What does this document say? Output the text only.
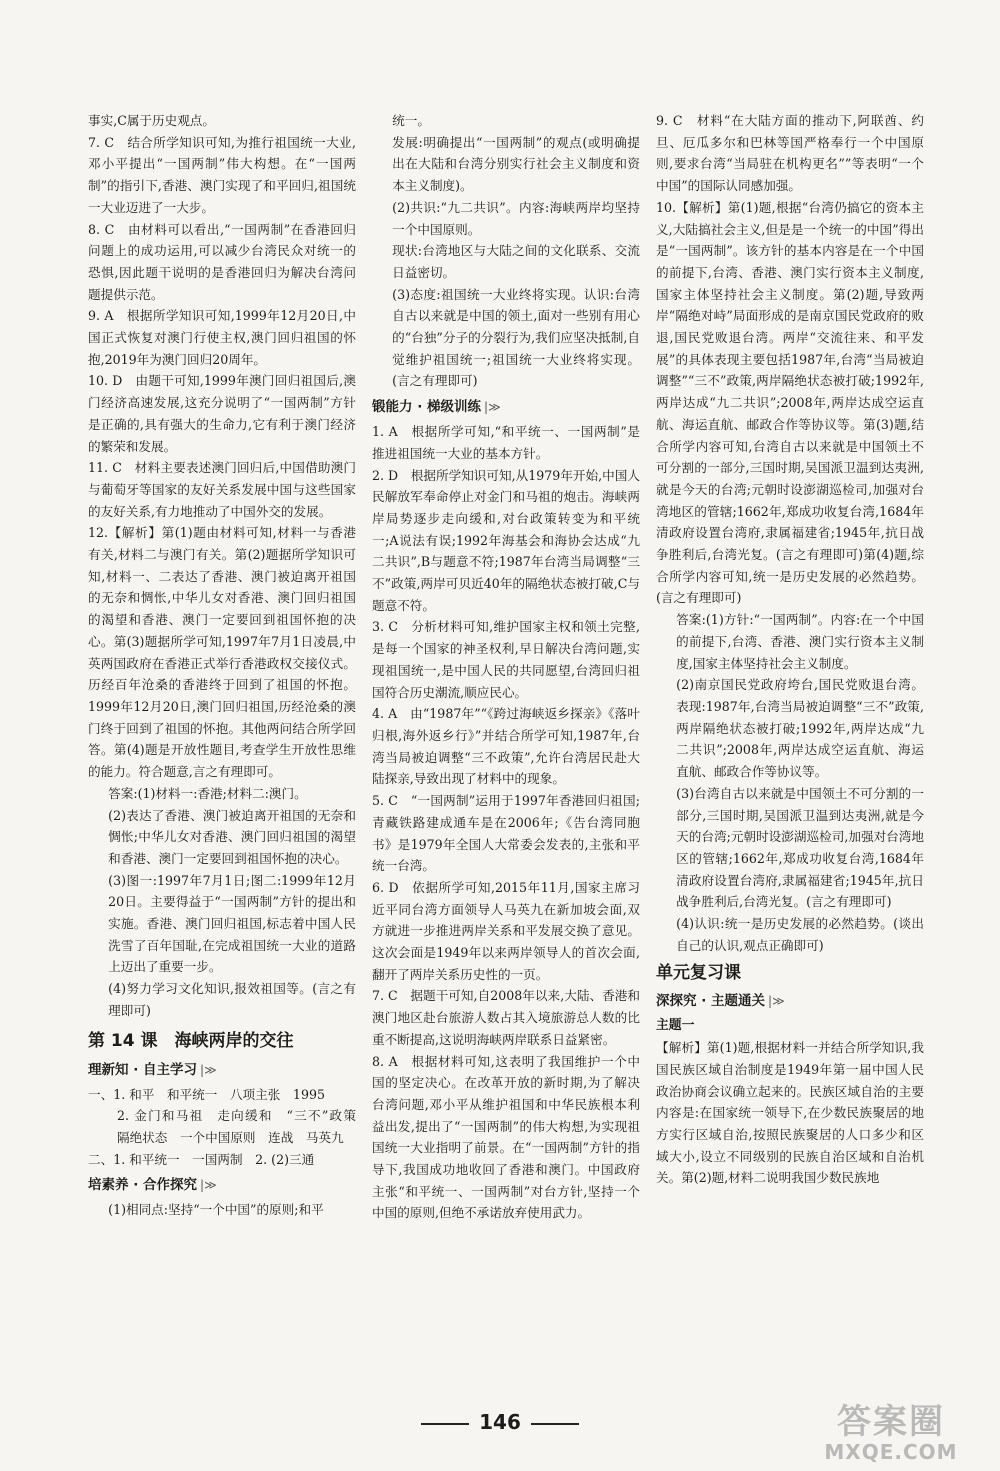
事实,C属于历史观点。

7. C　结合所学知识可知,为推行祖国统一大业,邓小平提出“一国两制”伟大构想。在“一国两制”的指引下,香港、澳门实现了和平回归,祖国统一大业迈进了一大步。

8. C　由材料可以看出,“一国两制”在香港回归问题上的成功运用,可以减少台湾民众对统一的恐惧,因此题干说明的是香港回归为解决台湾问题提供示范。

9. A　根据所学知识可知,1999年12月20日,中国正式恢复对澳门行使主权,澳门回归祖国的怀抱,2019年为澳门回归20周年。

10. D　由题干可知,1999年澳门回归祖国后,澳门经济高速发展,这充分说明了“一国两制”方针是正确的,具有强大的生命力,它有利于澳门经济的繁荣和发展。

11. C　材料主要表述澳门回归后,中国借助澳门与葡萄牙等国家的友好关系发展中国与这些国家的友好关系,有力地推动了中国外交的发展。

12.【解析】第(1)题由材料可知,材料一与香港有关,材料二与澳门有关。第(2)题据所学知识可知,材料一、二表达了香港、澳门被迫离开祖国的无奈和惆怅,中华儿女对香港、澳门回归祖国的渴望和香港、澳门一定要回到祖国怀抱的决心。第(3)题据所学可知,1997年7月1日凌晨,中英两国政府在香港正式举行香港政权交接仪式。历经百年沧桑的香港终于回到了祖国的怀抱。1999年12月20日,澳门回归祖国,历经沧桑的澳门终于回到了祖国的怀抱。其他两问结合所学回答。第(4)题是开放性题目,考查学生开放性思维的能力。符合题意,言之有理即可。

答案:(1)材料一:香港;材料二:澳门。

(2)表达了香港、澳门被迫离开祖国的无奈和惆怅;中华儿女对香港、澳门回归祖国的渴望和香港、澳门一定要回到祖国怀抱的决心。

(3)图一:1997年7月1日;图二:1999年12月20日。主要得益于“一国两制”方针的提出和实施。香港、澳门回归祖国,标志着中国人民洗雪了百年国耻,在完成祖国统一大业的道路上迈出了重要一步。

(4)努力学习文化知识,报效祖国等。(言之有理即可)

第 14 课　海峡两岸的交往
理新知 · 自主学习 |≫

一、1. 和平　和平统一　八项主张　1995

2. 金门和马祖　走向缓和　“三不”政策　隔绝状态　一个中国原则　连战　马英九

二、1. 和平统一　一国两制　2. (2)三通

培素养 · 合作探究 |≫

(1)相同点:坚持“一个中国”的原则;和平

统一。

发展:明确提出“一国两制”的观点(或明确提出在大陆和台湾分别实行社会主义制度和资本主义制度)。

(2)共识:“九二共识”。内容:海峡两岸均坚持一个中国原则。

现状:台湾地区与大陆之间的文化联系、交流日益密切。

(3)态度:祖国统一大业终将实现。认识:台湾自古以来就是中国的领土,面对一些别有用心的“台独”分子的分裂行为,我们应坚决抵制,自觉维护祖国统一;祖国统一大业终将实现。(言之有理即可)

锻能力 · 梯级训练 |≫

1. A　根据所学可知,“和平统一、一国两制”是推进祖国统一大业的基本方针。

2. D　根据所学知识可知,从1979年开始,中国人民解放军奉命停止对金门和马祖的炮击。海峡两岸局势逐步走向缓和,对台政策转变为和平统一;A说法有误;1992年海基会和海协会达成“九二共识”,B与题意不符;1987年台湾当局调整“三不”政策,两岸可贝近40年的隔绝状态被打破,C与题意不符。

3. C　分析材料可知,维护国家主权和领土完整,是每一个国家的神圣权利,早日解决台湾问题,实现祖国统一,是中国人民的共同愿望,台湾回归祖国符合历史潮流,顺应民心。

4. A　由“1987年”“《跨过海峡返乡探亲》《落叶归根,海外返乡行》”并结合所学可知,1987年,台湾当局被迫调整“三不政策”,允许台湾居民赴大陆探亲,导致出现了材料中的现象。

5. C　“一国两制”运用于1997年香港回归祖国;青藏铁路建成通车是在2006年;《告台湾同胞书》是1979年全国人大常委会发表的,主张和平统一台湾。

6. D　依据所学可知,2015年11月,国家主席习近平同台湾方面领导人马英九在新加坡会面,双方就进一步推进两岸关系和平发展交换了意见。这次会面是1949年以来两岸领导人的首次会面,翻开了两岸关系历史性的一页。

7. C　据题干可知,自2008年以来,大陆、香港和澳门地区赴台旅游人数占其入境旅游总人数的比重不断提高,这说明海峡两岸联系日益紧密。

8. A　根据材料可知,这表明了我国维护一个中国的坚定决心。在改革开放的新时期,为了解决台湾问题,邓小平从维护祖国和中华民族根本利益出发,提出了“一国两制”的伟大构想,为实现祖国统一大业指明了前景。在“一国两制”方针的指导下,我国成功地收回了香港和澳门。中国政府主张“和平统一、一国两制”对台方针,坚持一个中国的原则,但绝不承诺放弃使用武力。

9. C　材料“在大陆方面的推动下,阿联酋、约旦、厄瓜多尔和巴林等国严格奉行一个中国原则,要求台湾“当局驻在机构更名””等表明“一个中国”的国际认同感加强。

10.【解析】第(1)题,根据“台湾仍搞它的资本主义,大陆搞社会主义,但是是一个统一的中国”得出是“一国两制”。该方针的基本内容是在一个中国的前提下,台湾、香港、澳门实行资本主义制度,国家主体坚持社会主义制度。第(2)题,导致两岸“隔绝对峙”局面形成的是南京国民党政府的败退,国民党败退台湾。两岸“交流往来、和平发展”的具体表现主要包括1987年,台湾“当局被迫调整”“三不”政策,两岸隔绝状态被打破;1992年,两岸达成“九二共识”;2008年,两岸达成空运直航、海运直航、邮政合作等协议等。第(3)题,结合所学内容可知,台湾自古以来就是中国领土不可分割的一部分,三国时期,吴国派卫温到达夷洲,就是今天的台湾;元朝时设澎湖巡检司,加强对台湾地区的管辖;1662年,郑成功收复台湾,1684年清政府设置台湾府,隶属福建省;1945年,抗日战争胜利后,台湾光复。(言之有理即可)第(4)题,综合所学内容可知,统一是历史发展的必然趋势。(言之有理即可)

答案:(1)方针:“一国两制”。内容:在一个中国的前提下,台湾、香港、澳门实行资本主义制度,国家主体坚持社会主义制度。

(2)南京国民党政府垮台,国民党败退台湾。表现:1987年,台湾当局被迫调整“三不”政策,两岸隔绝状态被打破;1992年,两岸达成“九二共识”;2008年,两岸达成空运直航、海运直航、邮政合作等协议等。

(3)台湾自古以来就是中国领土不可分割的一部分,三国时期,吴国派卫温到达夷洲,就是今天的台湾;元朝时设澎湖巡检司,加强对台湾地区的管辖;1662年,郑成功收复台湾,1684年清政府设置台湾府,隶属福建省;1945年,抗日战争胜利后,台湾光复。(言之有理即可)

(4)认识:统一是历史发展的必然趋势。(谈出自己的认识,观点正确即可)

单元复习课
深探究 · 主题通关 |≫
主题一

【解析】第(1)题,根据材料一并结合所学知识,我国民族区域自治制度是1949年第一届中国人民政治协商会议确立起来的。民族区域自治的主要内容是:在国家统一领导下,在少数民族聚居的地方实行区域自治,按照民族聚居的人口多少和区域大小,设立不同级别的民族自治区域和自治机关。第(2)题,材料二说明我国少数民族地

146	答案圈
MXQE.COM
